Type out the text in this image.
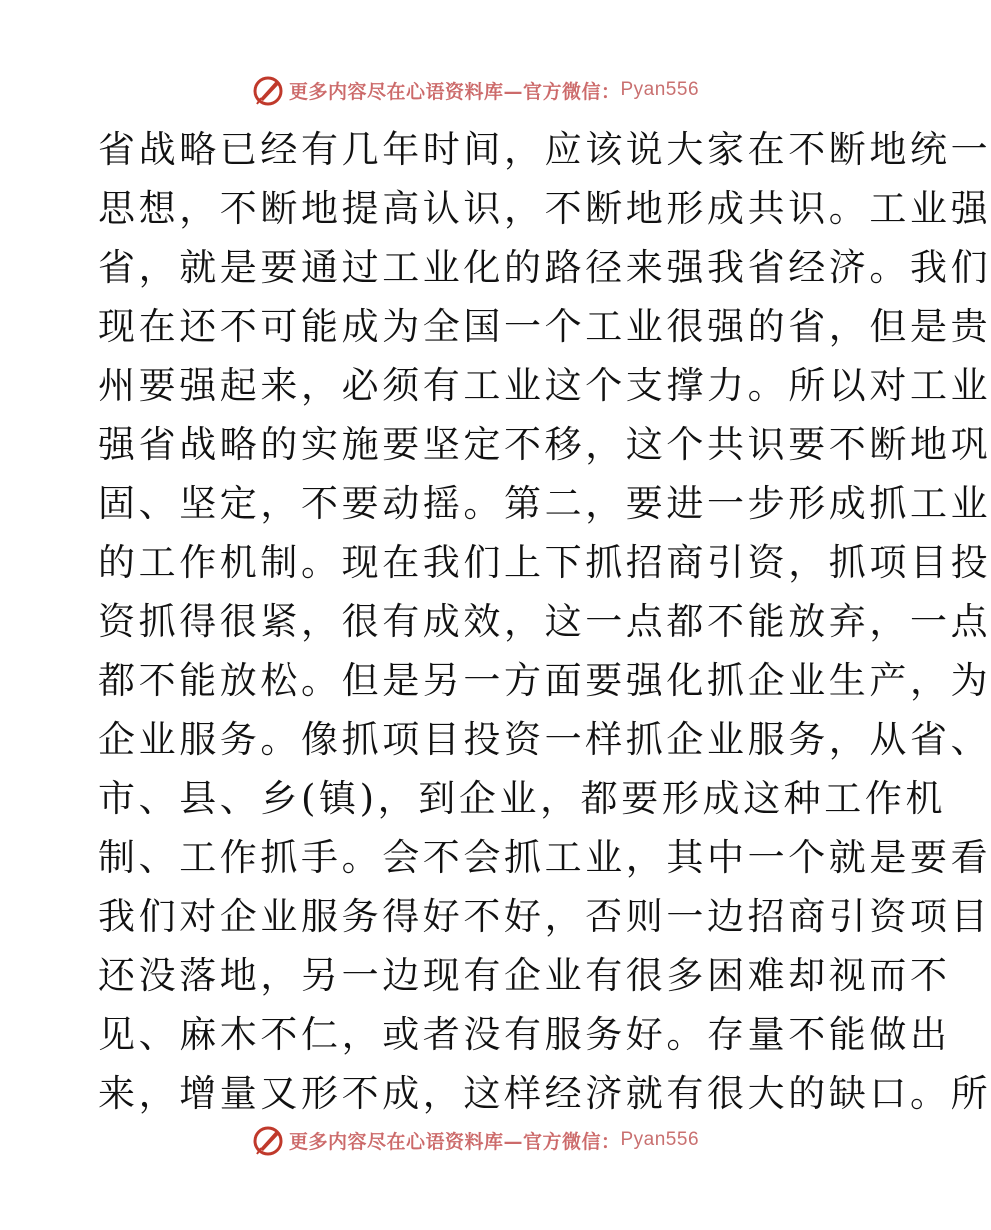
更多内容尽在心语资料库—官方微信： Pyan556
省战略已经有几年时间，应该说大家在不断地统一
思想，不断地提高认识，不断地形成共识。工业强
省，就是要通过工业化的路径来强我省经济。我们
现在还不可能成为全国一个工业很强的省，但是贵
州要强起来，必须有工业这个支撑力。所以对工业
强省战略的实施要坚定不移，这个共识要不断地巩
固、坚定，不要动摇。第二，要进一步形成抓工业
的工作机制。现在我们上下抓招商引资，抓项目投
资抓得很紧，很有成效，这一点都不能放弃，一点
都不能放松。但是另一方面要强化抓企业生产，为
企业服务。像抓项目投资一样抓企业服务，从省、
市、县、乡(镇)，到企业，都要形成这种工作机
制、工作抓手。会不会抓工业，其中一个就是要看
我们对企业服务得好不好，否则一边招商引资项目
还没落地，另一边现有企业有很多困难却视而不
见、麻木不仁，或者没有服务好。存量不能做出
来，增量又形不成，这样经济就有很大的缺口。所
更多内容尽在心语资料库—官方微信： Pyan556
